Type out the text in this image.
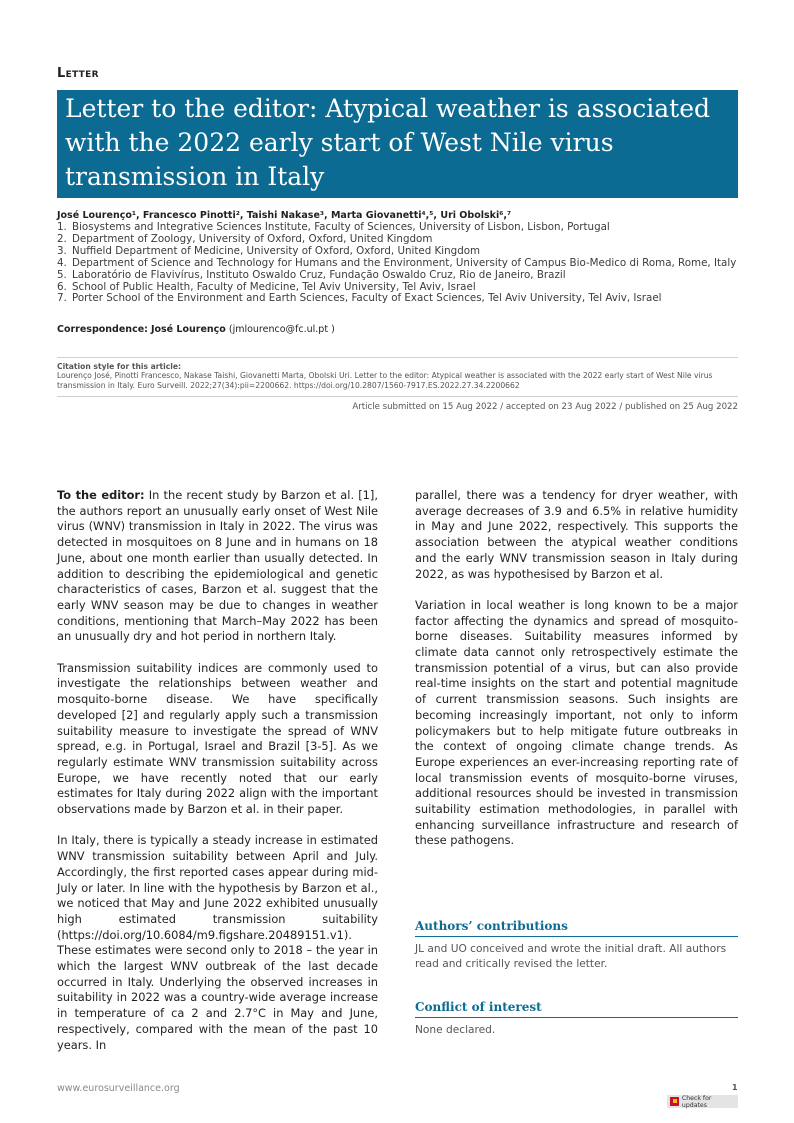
Letter
Letter to the editor: Atypical weather is associated with the 2022 early start of West Nile virus transmission in Italy
José Lourenço¹, Francesco Pinotti², Taishi Nakase³, Marta Giovanetti⁴,⁵, Uri Obolski⁶,⁷
1. Biosystems and Integrative Sciences Institute, Faculty of Sciences, University of Lisbon, Lisbon, Portugal
2. Department of Zoology, University of Oxford, Oxford, United Kingdom
3. Nuffield Department of Medicine, University of Oxford, Oxford, United Kingdom
4. Department of Science and Technology for Humans and the Environment, University of Campus Bio-Medico di Roma, Rome, Italy
5. Laboratório de Flavivírus, Instituto Oswaldo Cruz, Fundação Oswaldo Cruz, Rio de Janeiro, Brazil
6. School of Public Health, Faculty of Medicine, Tel Aviv University, Tel Aviv, Israel
7. Porter School of the Environment and Earth Sciences, Faculty of Exact Sciences, Tel Aviv University, Tel Aviv, Israel
Correspondence: José Lourenço (jmlourenco@fc.ul.pt )
Citation style for this article:
Lourenço José, Pinotti Francesco, Nakase Taishi, Giovanetti Marta, Obolski Uri. Letter to the editor: Atypical weather is associated with the 2022 early start of West Nile virus transmission in Italy. Euro Surveill. 2022;27(34):pii=2200662. https://doi.org/10.2807/1560-7917.ES.2022.27.34.2200662
Article submitted on 15 Aug 2022 / accepted on 23 Aug 2022 / published on 25 Aug 2022

To the editor: In the recent study by Barzon et al. [1], the authors report an unusually early onset of West Nile virus (WNV) transmission in Italy in 2022. The virus was detected in mosquitoes on 8 June and in humans on 18 June, about one month earlier than usually detected. In addition to describing the epidemiological and genetic characteristics of cases, Barzon et al. suggest that the early WNV season may be due to changes in weather conditions, mentioning that March–May 2022 has been an unusually dry and hot period in northern Italy.

Transmission suitability indices are commonly used to investigate the relationships between weather and mosquito-borne disease. We have specifically developed [2] and regularly apply such a transmission suitability measure to investigate the spread of WNV spread, e.g. in Portugal, Israel and Brazil [3-5]. As we regularly estimate WNV transmission suitability across Europe, we have recently noted that our early estimates for Italy during 2022 align with the important observations made by Barzon et al. in their paper.

In Italy, there is typically a steady increase in estimated WNV transmission suitability between April and July. Accordingly, the first reported cases appear during mid-July or later. In line with the hypothesis by Barzon et al., we noticed that May and June 2022 exhibited unusually high estimated transmission suitability (https://doi.org/10.6084/m9.figshare.20489151.v1). These estimates were second only to 2018 – the year in which the largest WNV outbreak of the last decade occurred in Italy. Underlying the observed increases in suitability in 2022 was a country-wide average increase in temperature of ca 2 and 2.7°C in May and June, respectively, compared with the mean of the past 10 years. In

parallel, there was a tendency for dryer weather, with average decreases of 3.9 and 6.5% in relative humidity in May and June 2022, respectively. This supports the association between the atypical weather conditions and the early WNV transmission season in Italy during 2022, as was hypothesised by Barzon et al.

Variation in local weather is long known to be a major factor affecting the dynamics and spread of mosquito-borne diseases. Suitability measures informed by climate data cannot only retrospectively estimate the transmission potential of a virus, but can also provide real-time insights on the start and potential magnitude of current transmission seasons. Such insights are becoming increasingly important, not only to inform policymakers but to help mitigate future outbreaks in the context of ongoing climate change trends. As Europe experiences an ever-increasing reporting rate of local transmission events of mosquito-borne viruses, additional resources should be invested in transmission suitability estimation methodologies, in parallel with enhancing surveillance infrastructure and research of these pathogens.

Authors’ contributions
JL and UO conceived and wrote the initial draft. All authors read and critically revised the letter.
Conflict of interest
None declared.
www.eurosurveillance.org	1
Check for updates
